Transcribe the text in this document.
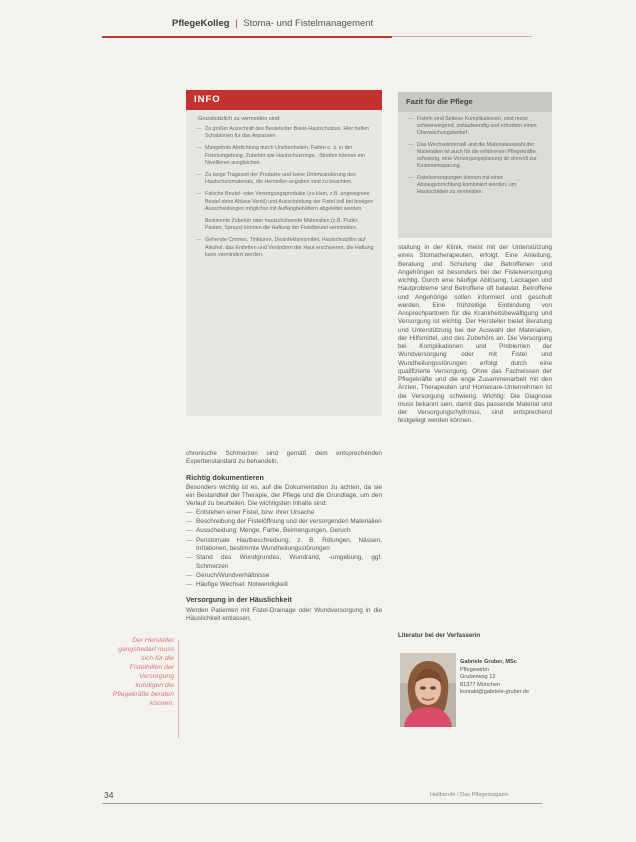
PflegeKolleg | Stoma- und Fistelmanagement
INFO
Grundsätzlich zu vermeiden sind:
— Zu großer Ausschnitt des Beutels/der Basis-Hautschutzes. Hier helfen Schablonen für das Anpassen.
— Mangelnde Abdichtung durch Unebenheiten, Falten o. ä. in der Fistelumgebung. Zubehör wie Hautschutzringe, -Streifen können ein Nivellieren ausgleichen.
— Zu lange Tragezeit der Produkte und keine Unterwanderung des Hautschutzmaterials, die Hersteller-angaben sind zu beachten.
— Falsche Beutel- oder Versorgungsprodukte (zu klein, z.B. ungeeignete Beutel ohne Ablass-Ventil) und Ausscheidung der Fistel soll bei breiigen Ausscheidungen möglichst mit Auffangbehältern abgeleitet werden.
Bestimmte Zubehör oder hautschützende Materialien (z.B. Puder, Pasten, Sprays) können die Haftung der Fistelbeutel vermindern.
— Gehende Cremes, Tinkturen, Desinfektionsmittel, Hautschutzfilm auf Alkohol, das Entfetten und Verändern der Haut erschweren, die Haftung kann vermindert werden.
Fazit für die Pflege
— Fisteln sind Seltene Komplikationen, sind meist schwerwiegend, zeitaufwendig und erfordern einen Überwachungsbedarf.
— Das Wechselintervall und die Materialauswahl der Materialien ist auch für die erfahrenen Pflegekräfte schwierig, eine Versorgungsplanung ist sinnvoll zur Kosteneinsparung.
— Fistelversorgungen können mit einer Absaugvorrichtung kombiniert werden, um Hautschäden zu vermeiden.
staltung in der Klinik, meist mit der Unterstützung eines Stomatherapeuten, erfolgt. Eine Anleitung, Beratung und Schulung der Betroffenen und Angehörigen ist besonders bei der Fistelversorgung wichtig. Durch eine häufige Ablösung, Leckagen und Hautprobleme sind Betroffene oft belastet. Betroffene und Angehörige sollen informiert und geschult werden. Eine frühzeitige Einbindung von Ansprechpartnern für die Krankheitsbewältigung und Versorgung ist wichtig. Der Hersteller bietet Beratung und Unterstützung bei der Auswahl der Materialien, der Hilfsmittel, und des Zubehörs an. Die Versorgung bei Komplikationen und Problemen der Wundversorgung oder mit Fistel und Wundheilungsstörungen erfolgt durch eine qualifizierte Versorgung. Ohne das Fachwissen der Pflegekräfte und die enge Zusammenarbeit mit den Ärzten, Therapeuten und Homecare-Unternehmen ist die Versorgung schwierig. Wichtig: Die Diagnose muss bekannt sein, damit das passende Material und der Versorgungsrhythmus, sind entsprechend festgelegt werden können.

chronische Schmerzen sind gemäß dem entsprechenden Expertenstandard zu behandeln.

Richtig dokumentieren

Besonders wichtig ist es, auf die Dokumentation zu achten, da sie ein Bestandteil der Therapie, der Pflege und die Grundlage, um den Verlauf zu beurteilen. Die wichtigsten Inhalte sind:

— Entstehen einer Fistel, bzw. ihrer Ursache
— Beschreibung der Fistelöffnung und der versorgenden Materialien
— Ausscheidung: Menge, Farbe, Beimengungen, Geruch
— Peristomale Hautbeschreibung, z. B. Rötungen, Nässen, Irritationen, bestimmte Wundheilungsstörungen
— Stand des Wundgrundes, Wundrand, -umgebung, ggf. Schmerzen
— Geruch/Wundverhältnisse
— Häufige Wechsel: Notwendigkeit
Versorgung in der Häuslichkeit

Werden Patienten mit Fistel-Drainage oder Wundversorgung in die Häuslichkeit entlassen,

Der Hersteller gangsbedarf muss sich für die Fistelhilfen der Versorgung kundigen die Pflegekräfte beraten können.
Literatur bei der Verfasserin
Gabriele Gruber, MSc
Pflegewirtin
Gruberweg 12
81377 München
kontakt@gabriele-gruber.de
34	Heilberufe / Das Pflegemagazin
